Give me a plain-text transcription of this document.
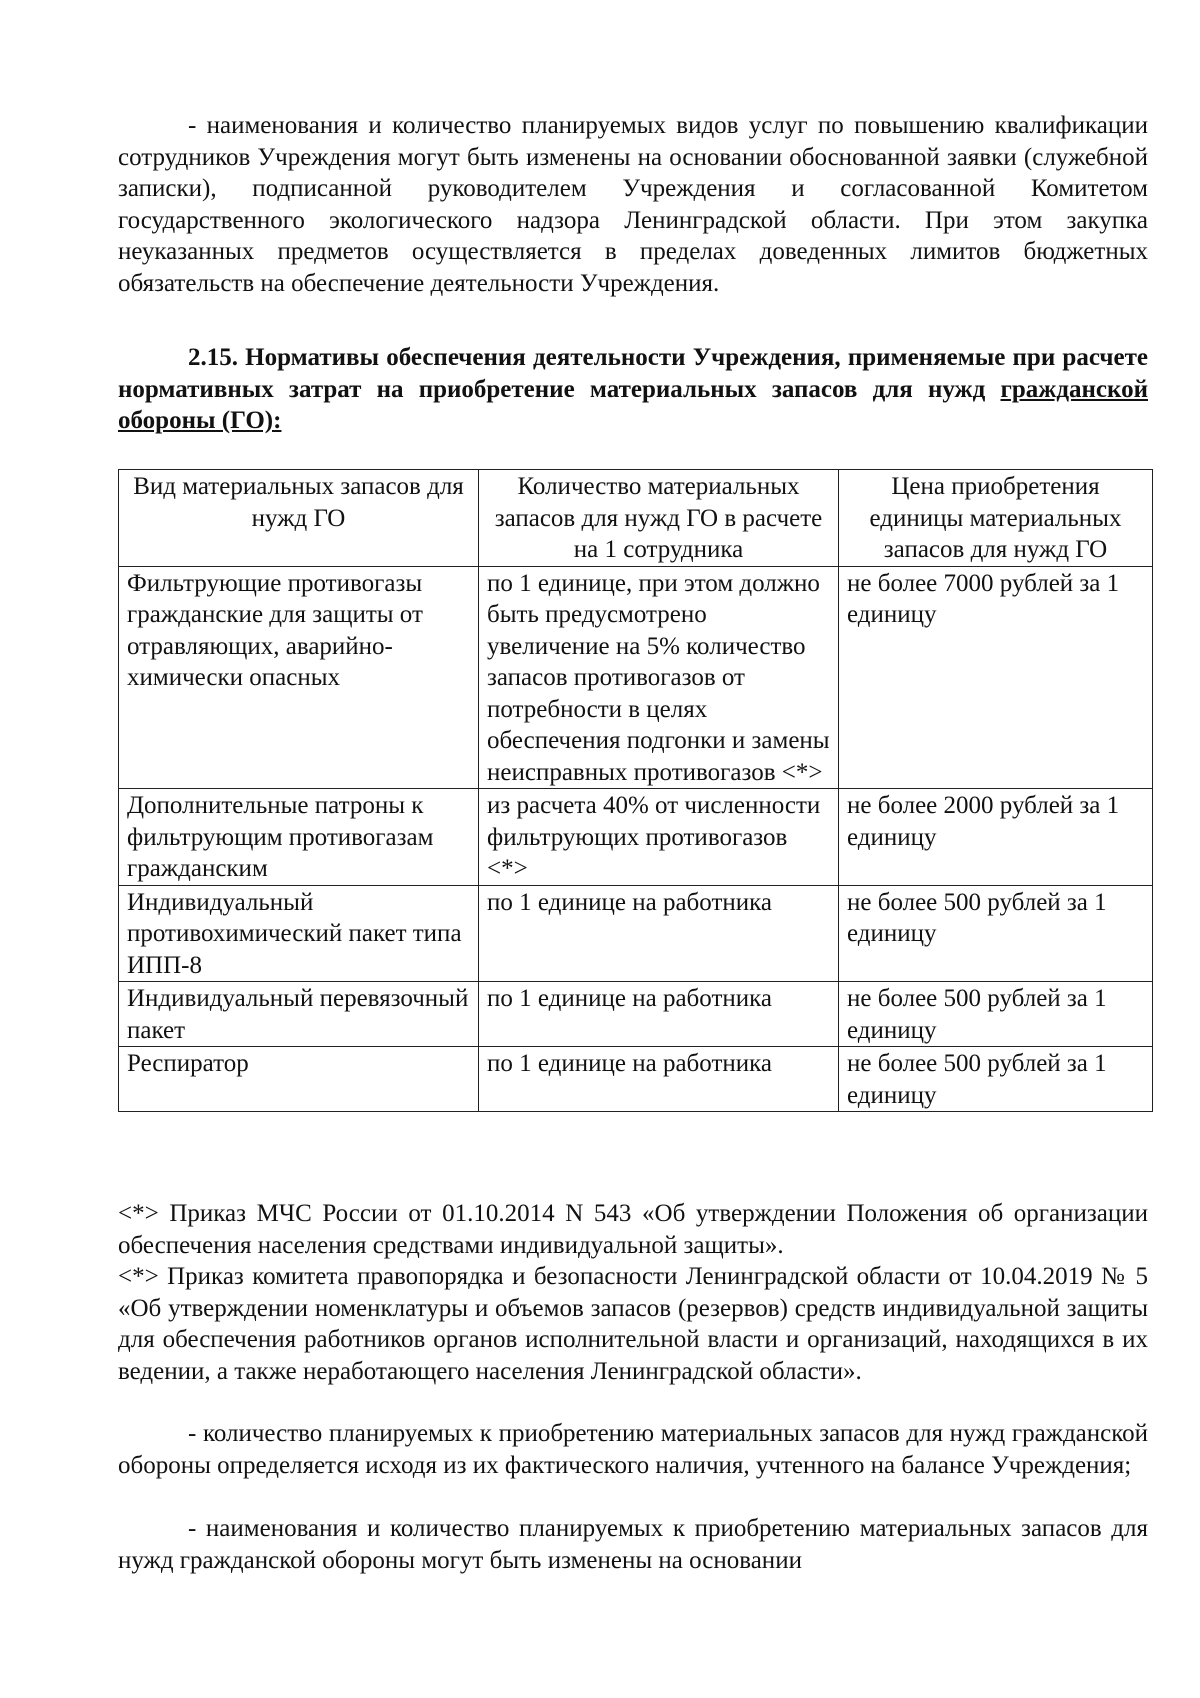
- наименования и количество планируемых видов услуг по повышению квалификации сотрудников Учреждения могут быть изменены на основании обоснованной заявки (служебной записки), подписанной руководителем Учреждения и согласованной Комитетом государственного экологического надзора Ленинградской области. При этом закупка неуказанных предметов осуществляется в пределах доведенных лимитов бюджетных обязательств на обеспечение деятельности Учреждения.

2.15. Нормативы обеспечения деятельности Учреждения, применяемые при расчете нормативных затрат на приобретение материальных запасов для нужд гражданской обороны (ГО):

Вид материальных запасов для нужд ГО	Количество материальных запасов для нужд ГО в расчете на 1 сотрудника	Цена приобретения единицы материальных запасов для нужд ГО
Фильтрующие противогазы гражданские для защиты от отравляющих, аварийно-химически опасных	по 1 единице, при этом должно быть предусмотрено увеличение на 5% количество запасов противогазов от потребности в целях обеспечения подгонки и замены неисправных противогазов <*>	не более 7000 рублей за 1 единицу
Дополнительные патроны к фильтрующим противогазам гражданским	из расчета 40% от численности фильтрующих противогазов <*>	не более 2000 рублей за 1 единицу
Индивидуальный противохимический пакет типа ИПП-8	по 1 единице на работника	не более 500 рублей за 1 единицу
Индивидуальный перевязочный пакет	по 1 единице на работника	не более 500 рублей за 1 единицу
Респиратор	по 1 единице на работника	не более 500 рублей за 1 единицу

<*> Приказ МЧС России от 01.10.2014 N 543 «Об утверждении Положения об организации обеспечения населения средствами индивидуальной защиты».

<*> Приказ комитета правопорядка и безопасности Ленинградской области от 10.04.2019 № 5 «Об утверждении номенклатуры и объемов запасов (резервов) средств индивидуальной защиты для обеспечения работников органов исполнительной власти и организаций, находящихся в их ведении, а также неработающего населения Ленинградской области».

- количество планируемых к приобретению материальных запасов для нужд гражданской обороны определяется исходя из их фактического наличия, учтенного на балансе Учреждения;

- наименования и количество планируемых к приобретению материальных запасов для нужд гражданской обороны могут быть изменены на основании
